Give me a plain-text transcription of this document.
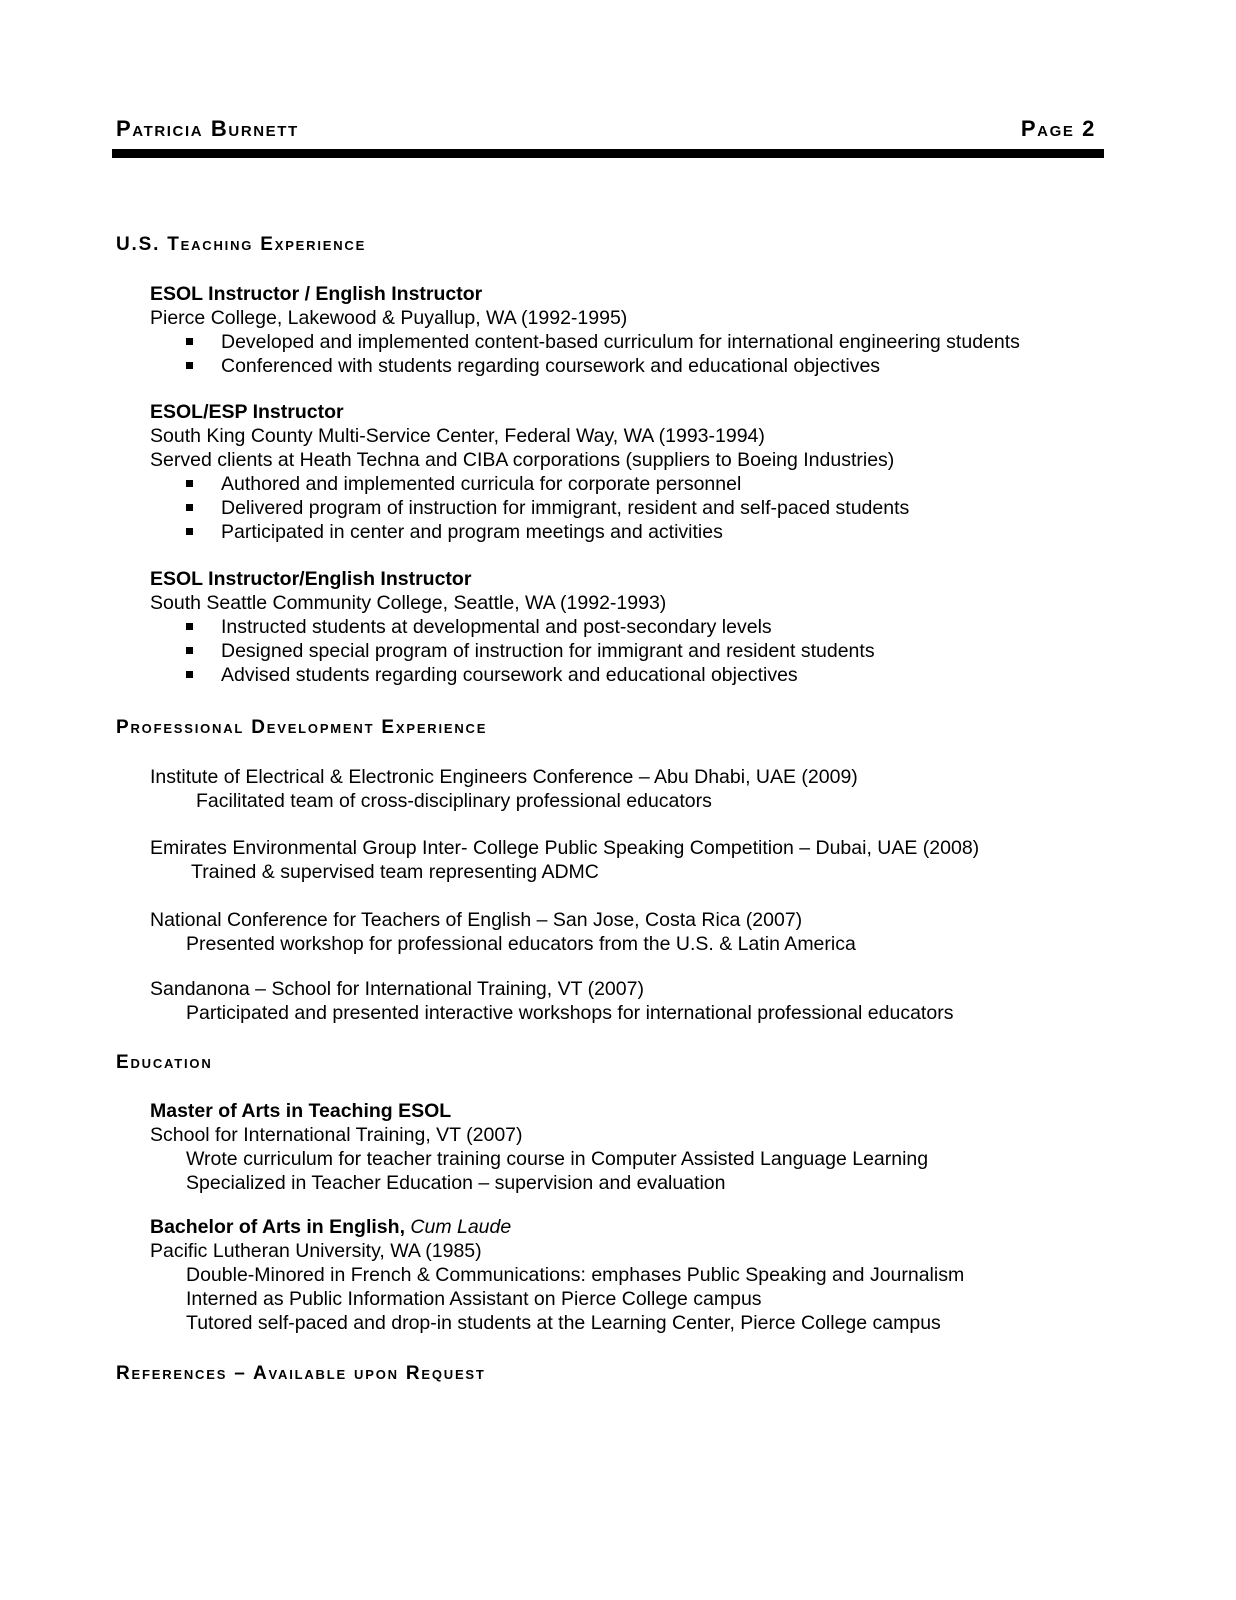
Patricia Burnett	Page 2
U.S. Teaching Experience
ESOL Instructor / English Instructor
Pierce College, Lakewood & Puyallup, WA (1992-1995)
Developed and implemented content-based curriculum for international engineering students
Conferenced with students regarding coursework and educational objectives
ESOL/ESP Instructor
South King County Multi-Service Center, Federal Way, WA (1993-1994)
Served clients at Heath Techna and CIBA corporations (suppliers to Boeing Industries)
Authored and implemented curricula for corporate personnel
Delivered program of instruction for immigrant, resident and self-paced students
Participated in center and program meetings and activities
ESOL Instructor/English Instructor
South Seattle Community College, Seattle, WA (1992-1993)
Instructed students at developmental and post-secondary levels
Designed special program of instruction for immigrant and resident students
Advised students regarding coursework and educational objectives
Professional Development Experience
Institute of Electrical & Electronic Engineers Conference – Abu Dhabi, UAE (2009)
Facilitated team of cross-disciplinary professional educators
Emirates Environmental Group Inter- College Public Speaking Competition – Dubai, UAE (2008)
Trained & supervised team representing ADMC
National Conference for Teachers of English – San Jose, Costa Rica (2007)
Presented workshop for professional educators from the U.S. & Latin America
Sandanona – School for International Training, VT (2007)
Participated and presented interactive workshops for international professional educators
Education
Master of Arts in Teaching ESOL
School for International Training, VT (2007)
Wrote curriculum for teacher training course in Computer Assisted Language Learning
Specialized in Teacher Education – supervision and evaluation
Bachelor of Arts in English, Cum Laude
Pacific Lutheran University, WA (1985)
Double-Minored in French & Communications: emphases Public Speaking and Journalism
Interned as Public Information Assistant on Pierce College campus
Tutored self-paced and drop-in students at the Learning Center, Pierce College campus
References – Available upon Request
